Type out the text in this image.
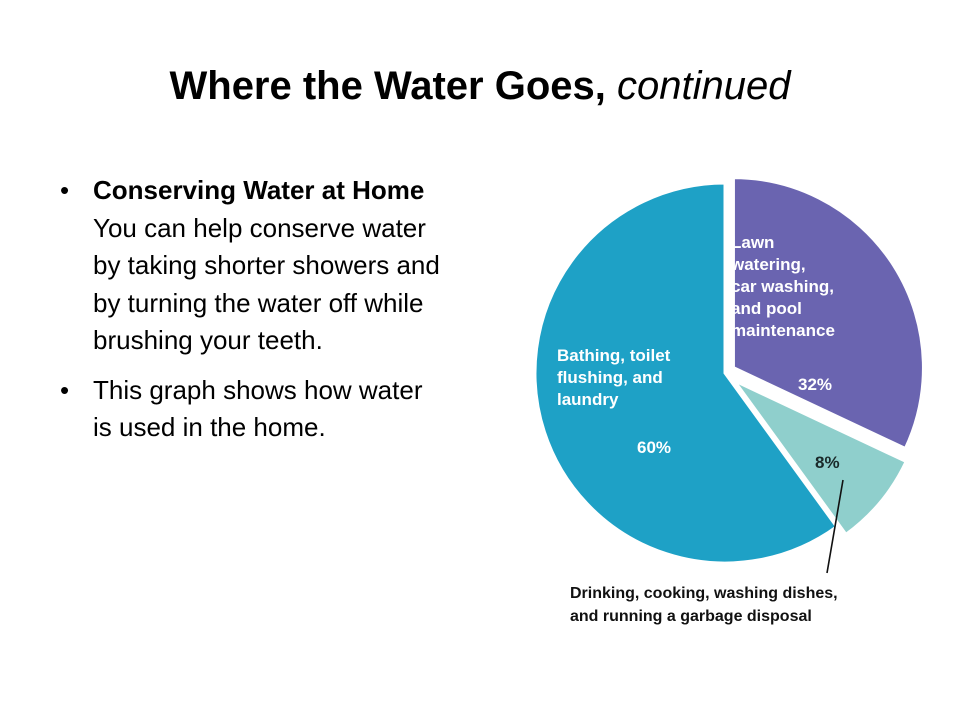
Where the Water Goes, continued
• Conserving Water at Home  You can help conserve water by taking shorter showers and by turning the water off while brushing your teeth.
• This graph shows how water is used in the home.
Bathing, toilet
flushing, and
laundry
60%
Lawn
watering,
car washing,
and pool
maintenance
32%
8%
Drinking, cooking, washing dishes,
and running a garbage disposal
